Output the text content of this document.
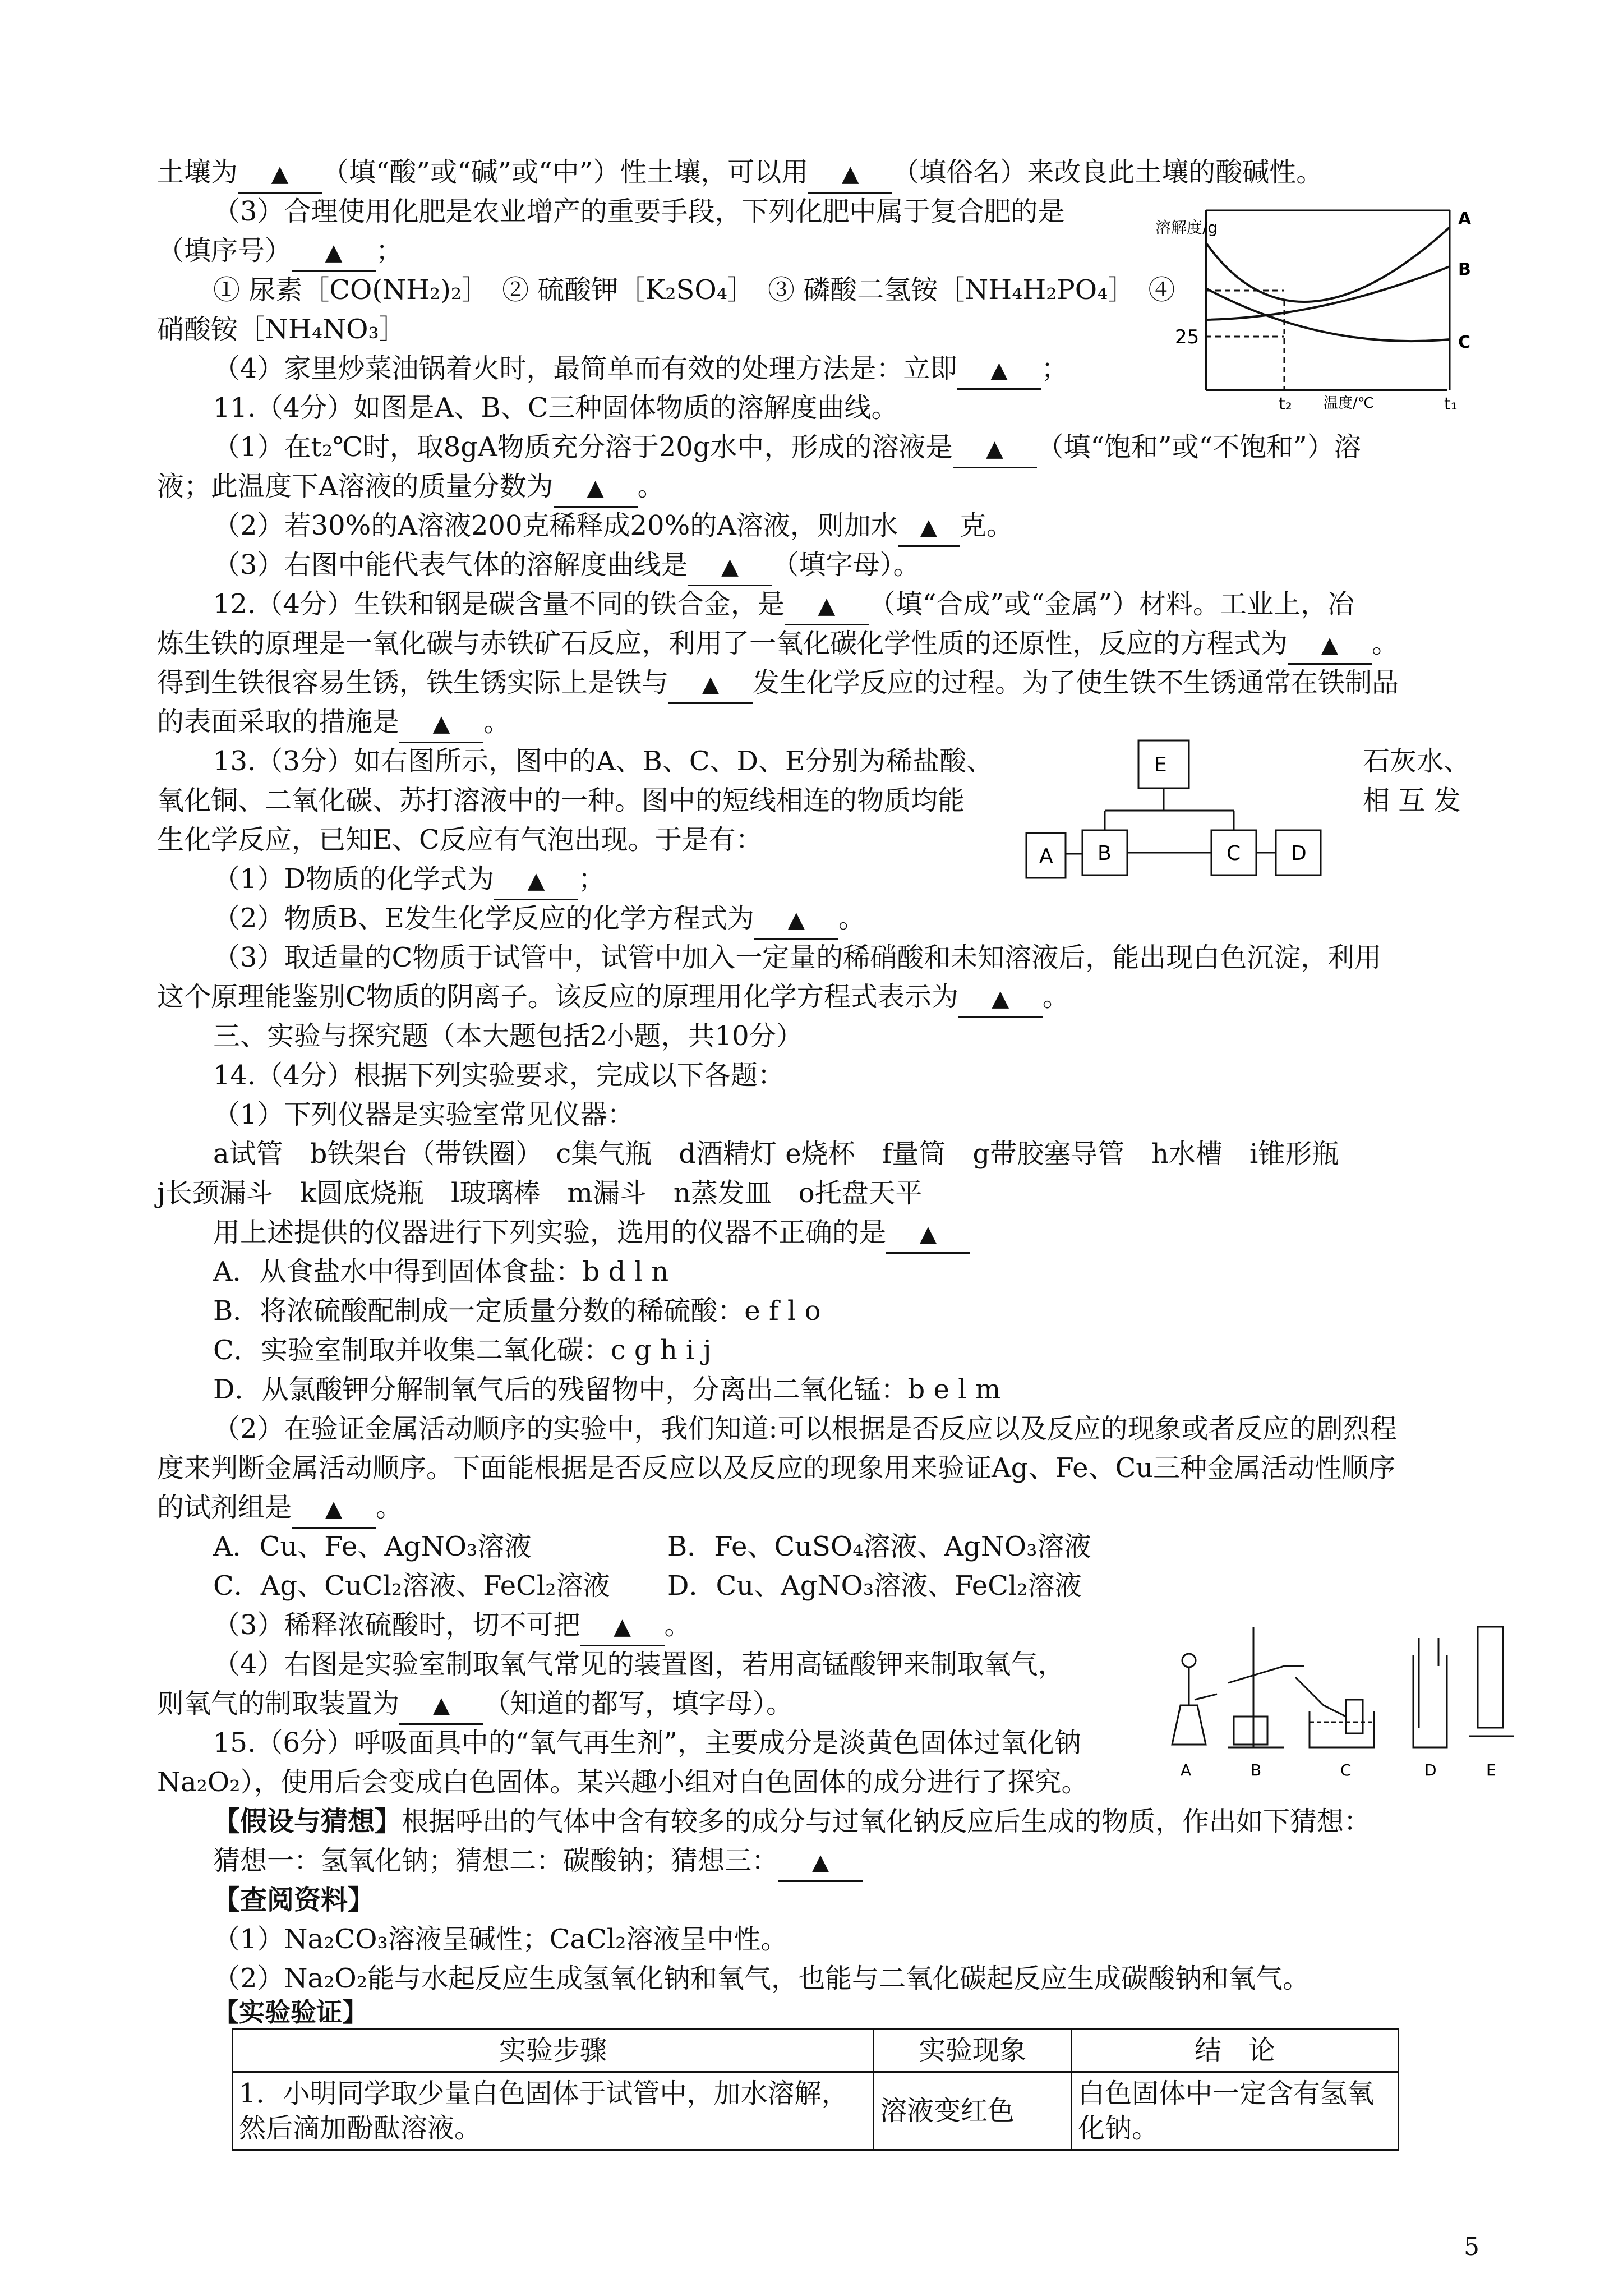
土壤为 ▲ （填“酸”或“碱”或“中”）性土壤，可以用 ▲ （填俗名）来改良此土壤的酸碱性。
（3）合理使用化肥是农业增产的重要手段，下列化肥中属于复合肥的是
（填序号） ▲ ；
① 尿素［CO(NH₂)₂］　② 硫酸钾［K₂SO₄］　③ 磷酸二氢铵［NH₄H₂PO₄］　④
硝酸铵［NH₄NO₃］
（4）家里炒菜油锅着火时，最简单而有效的处理方法是：立即 ▲ ；
11.（4分）如图是A、B、C三种固体物质的溶解度曲线。
（1）在t₂℃时，取8gA物质充分溶于20g水中，形成的溶液是 ▲ （填“饱和”或“不饱和”）溶
液；此温度下A溶液的质量分数为 ▲ 。
（2）若30%的A溶液200克稀释成20%的A溶液，则加水 ▲ 克。
（3）右图中能代表气体的溶解度曲线是 ▲ （填字母）。
12.（4分）生铁和钢是碳含量不同的铁合金，是 ▲ （填“合成”或“金属”）材料。工业上，冶
炼生铁的原理是一氧化碳与赤铁矿石反应，利用了一氧化碳化学性质的还原性，反应的方程式为 ▲ 。
得到生铁很容易生锈，铁生锈实际上是铁与 ▲ 发生化学反应的过程。为了使生铁不生锈通常在铁制品
的表面采取的措施是 ▲ 。
13.（3分）如右图所示，图中的A、B、C、D、E分别为稀盐酸、	石灰水、
氧化铜、二氧化碳、苏打溶液中的一种。图中的短线相连的物质均能	相 互 发
生化学反应，已知E、C反应有气泡出现。于是有：
（1）D物质的化学式为 ▲ ；
（2）物质B、E发生化学反应的化学方程式为 ▲ 。
（3）取适量的C物质于试管中，试管中加入一定量的稀硝酸和未知溶液后，能出现白色沉淀，利用
这个原理能鉴别C物质的阴离子。该反应的原理用化学方程式表示为 ▲ 。
三、实验与探究题（本大题包括2小题，共10分）
14.（4分）根据下列实验要求，完成以下各题：
（1）下列仪器是实验室常见仪器：
a试管　b铁架台（带铁圈）　c集气瓶　d酒精灯 e烧杯　f量筒　g带胶塞导管　h水槽　i锥形瓶
j长颈漏斗　k圆底烧瓶　l玻璃棒　m漏斗　n蒸发皿　o托盘天平
用上述提供的仪器进行下列实验，选用的仪器不正确的是 ▲
A．从食盐水中得到固体食盐：b d l n
B．将浓硫酸配制成一定质量分数的稀硫酸：e f l o
C．实验室制取并收集二氧化碳：c g h i j
D．从氯酸钾分解制氧气后的残留物中，分离出二氧化锰：b e l m
（2）在验证金属活动顺序的实验中，我们知道:可以根据是否反应以及反应的现象或者反应的剧烈程
度来判断金属活动顺序。下面能根据是否反应以及反应的现象用来验证Ag、Fe、Cu三种金属活动性顺序
的试剂组是 ▲ 。
A．Cu、Fe、AgNO₃溶液	B．Fe、CuSO₄溶液、AgNO₃溶液
C．Ag、CuCl₂溶液、FeCl₂溶液 D．Cu、AgNO₃溶液、FeCl₂溶液
（3）稀释浓硫酸时，切不可把 ▲ 。
（4）右图是实验室制取氧气常见的装置图，若用高锰酸钾来制取氧气，
则氧气的制取装置为 ▲ （知道的都写，填字母）。
15.（6分）呼吸面具中的“氧气再生剂”，主要成分是淡黄色固体过氧化钠
Na₂O₂），使用后会变成白色固体。某兴趣小组对白色固体的成分进行了探究。
【假设与猜想】根据呼出的气体中含有较多的成分与过氧化钠反应后生成的物质，作出如下猜想：
猜想一：氢氧化钠；猜想二：碳酸钠；猜想三： ▲
【查阅资料】
（1）Na₂CO₃溶液呈碱性；CaCl₂溶液呈中性。
（2）Na₂O₂能与水起反应生成氢氧化钠和氧气，也能与二氧化碳起反应生成碳酸钠和氧气。
【实验验证】
实验步骤	实验现象	结　论
1．小明同学取少量白色固体于试管中，加水溶解，然后滴加酚酞溶液。	溶液变红色	白色固体中一定含有氢氧化钠。
5
溶解度/g
25
t₂	t₁
温度/℃
A
B
C
A B	C D
E
A	B	C	D	E
